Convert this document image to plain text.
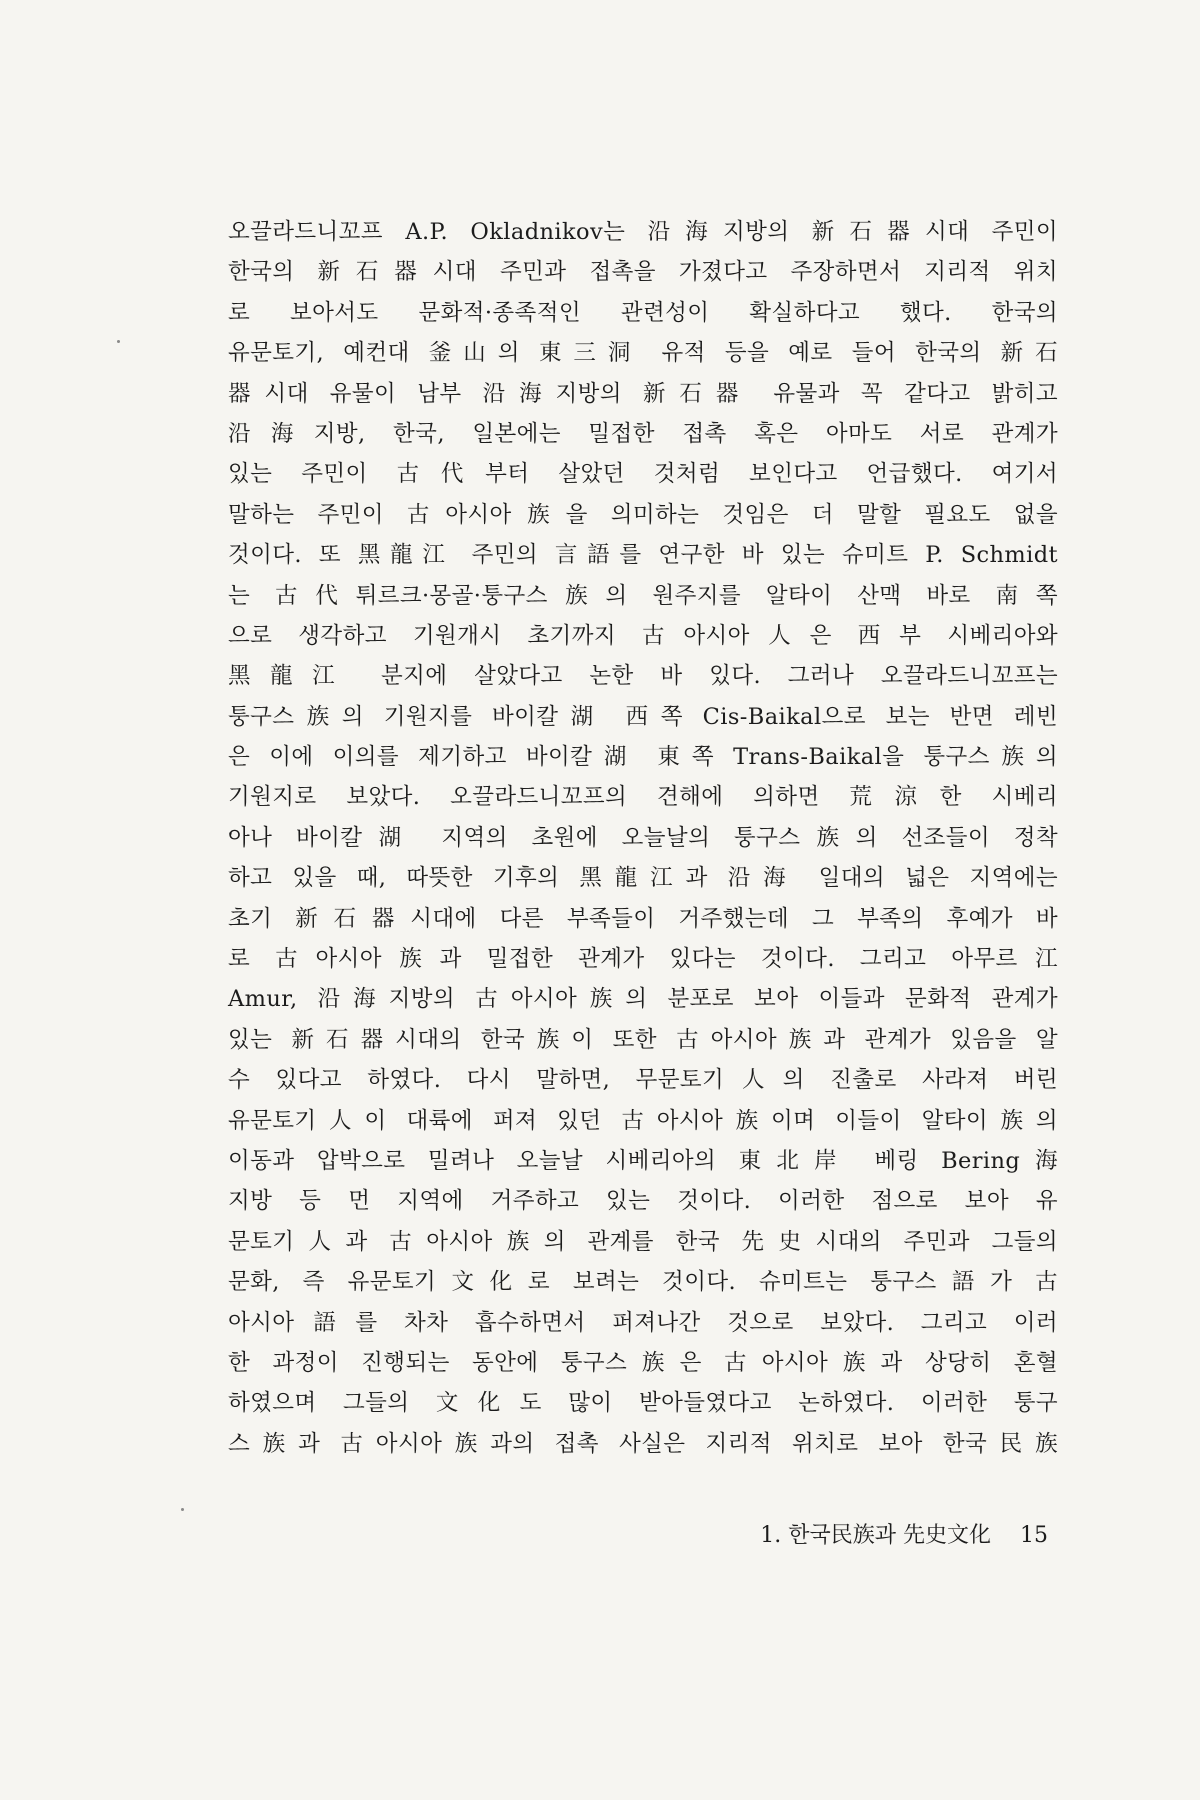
오끌라드니꼬프 A.P. Okladnikov는 沿海지방의 新石器시대 주민이
한국의 新石器시대 주민과 접촉을 가졌다고 주장하면서 지리적 위치
로 보아서도 문화적·종족적인 관련성이 확실하다고 했다. 한국의
유문토기, 예컨대 釜山의 東三洞 유적 등을 예로 들어 한국의 新石
器시대 유물이 남부 沿海지방의 新石器 유물과 꼭 같다고 밝히고
沿海지방, 한국, 일본에는 밀접한 접촉 혹은 아마도 서로 관계가
있는 주민이 古代부터 살았던 것처럼 보인다고 언급했다. 여기서
말하는 주민이 古아시아族을 의미하는 것임은 더 말할 필요도 없을
것이다. 또 黑龍江 주민의 言語를 연구한 바 있는 슈미트 P. Schmidt
는 古代튀르크·몽골·퉁구스族의 원주지를 알타이 산맥 바로 南쪽
으로 생각하고 기원개시 초기까지 古아시아人은 西부 시베리아와
黑龍江 분지에 살았다고 논한 바 있다. 그러나 오끌라드니꼬프는
퉁구스族의 기원지를 바이칼湖 西쪽 Cis-Baikal으로 보는 반면 레빈
은 이에 이의를 제기하고 바이칼湖 東쪽 Trans-Baikal을 퉁구스族의
기원지로 보았다. 오끌라드니꼬프의 견해에 의하면 荒涼한 시베리
아나 바이칼湖 지역의 초원에 오늘날의 퉁구스族의 선조들이 정착
하고 있을 때, 따뜻한 기후의 黑龍江과 沿海 일대의 넓은 지역에는
초기 新石器시대에 다른 부족들이 거주했는데 그 부족의 후예가 바
로 古아시아族과 밀접한 관계가 있다는 것이다. 그리고 아무르江
Amur, 沿海지방의 古아시아族의 분포로 보아 이들과 문화적 관계가
있는 新石器시대의 한국族이 또한 古아시아族과 관계가 있음을 알
수 있다고 하였다. 다시 말하면, 무문토기人의 진출로 사라져 버린
유문토기人이 대륙에 퍼져 있던 古아시아族이며 이들이 알타이族의
이동과 압박으로 밀려나 오늘날 시베리아의 東北岸 베링 Bering海
지방 등 먼 지역에 거주하고 있는 것이다. 이러한 점으로 보아 유
문토기人과 古아시아族의 관계를 한국 先史시대의 주민과 그들의
문화, 즉 유문토기文化로 보려는 것이다. 슈미트는 퉁구스語가 古
아시아語를 차차 흡수하면서 퍼져나간 것으로 보았다. 그리고 이러
한 과정이 진행되는 동안에 퉁구스族은 古아시아族과 상당히 혼혈
하였으며 그들의 文化도 많이 받아들였다고 논하였다. 이러한 퉁구
스族과 古아시아族과의 접촉 사실은 지리적 위치로 보아 한국民族
1. 한국民族과 先史文化 15
